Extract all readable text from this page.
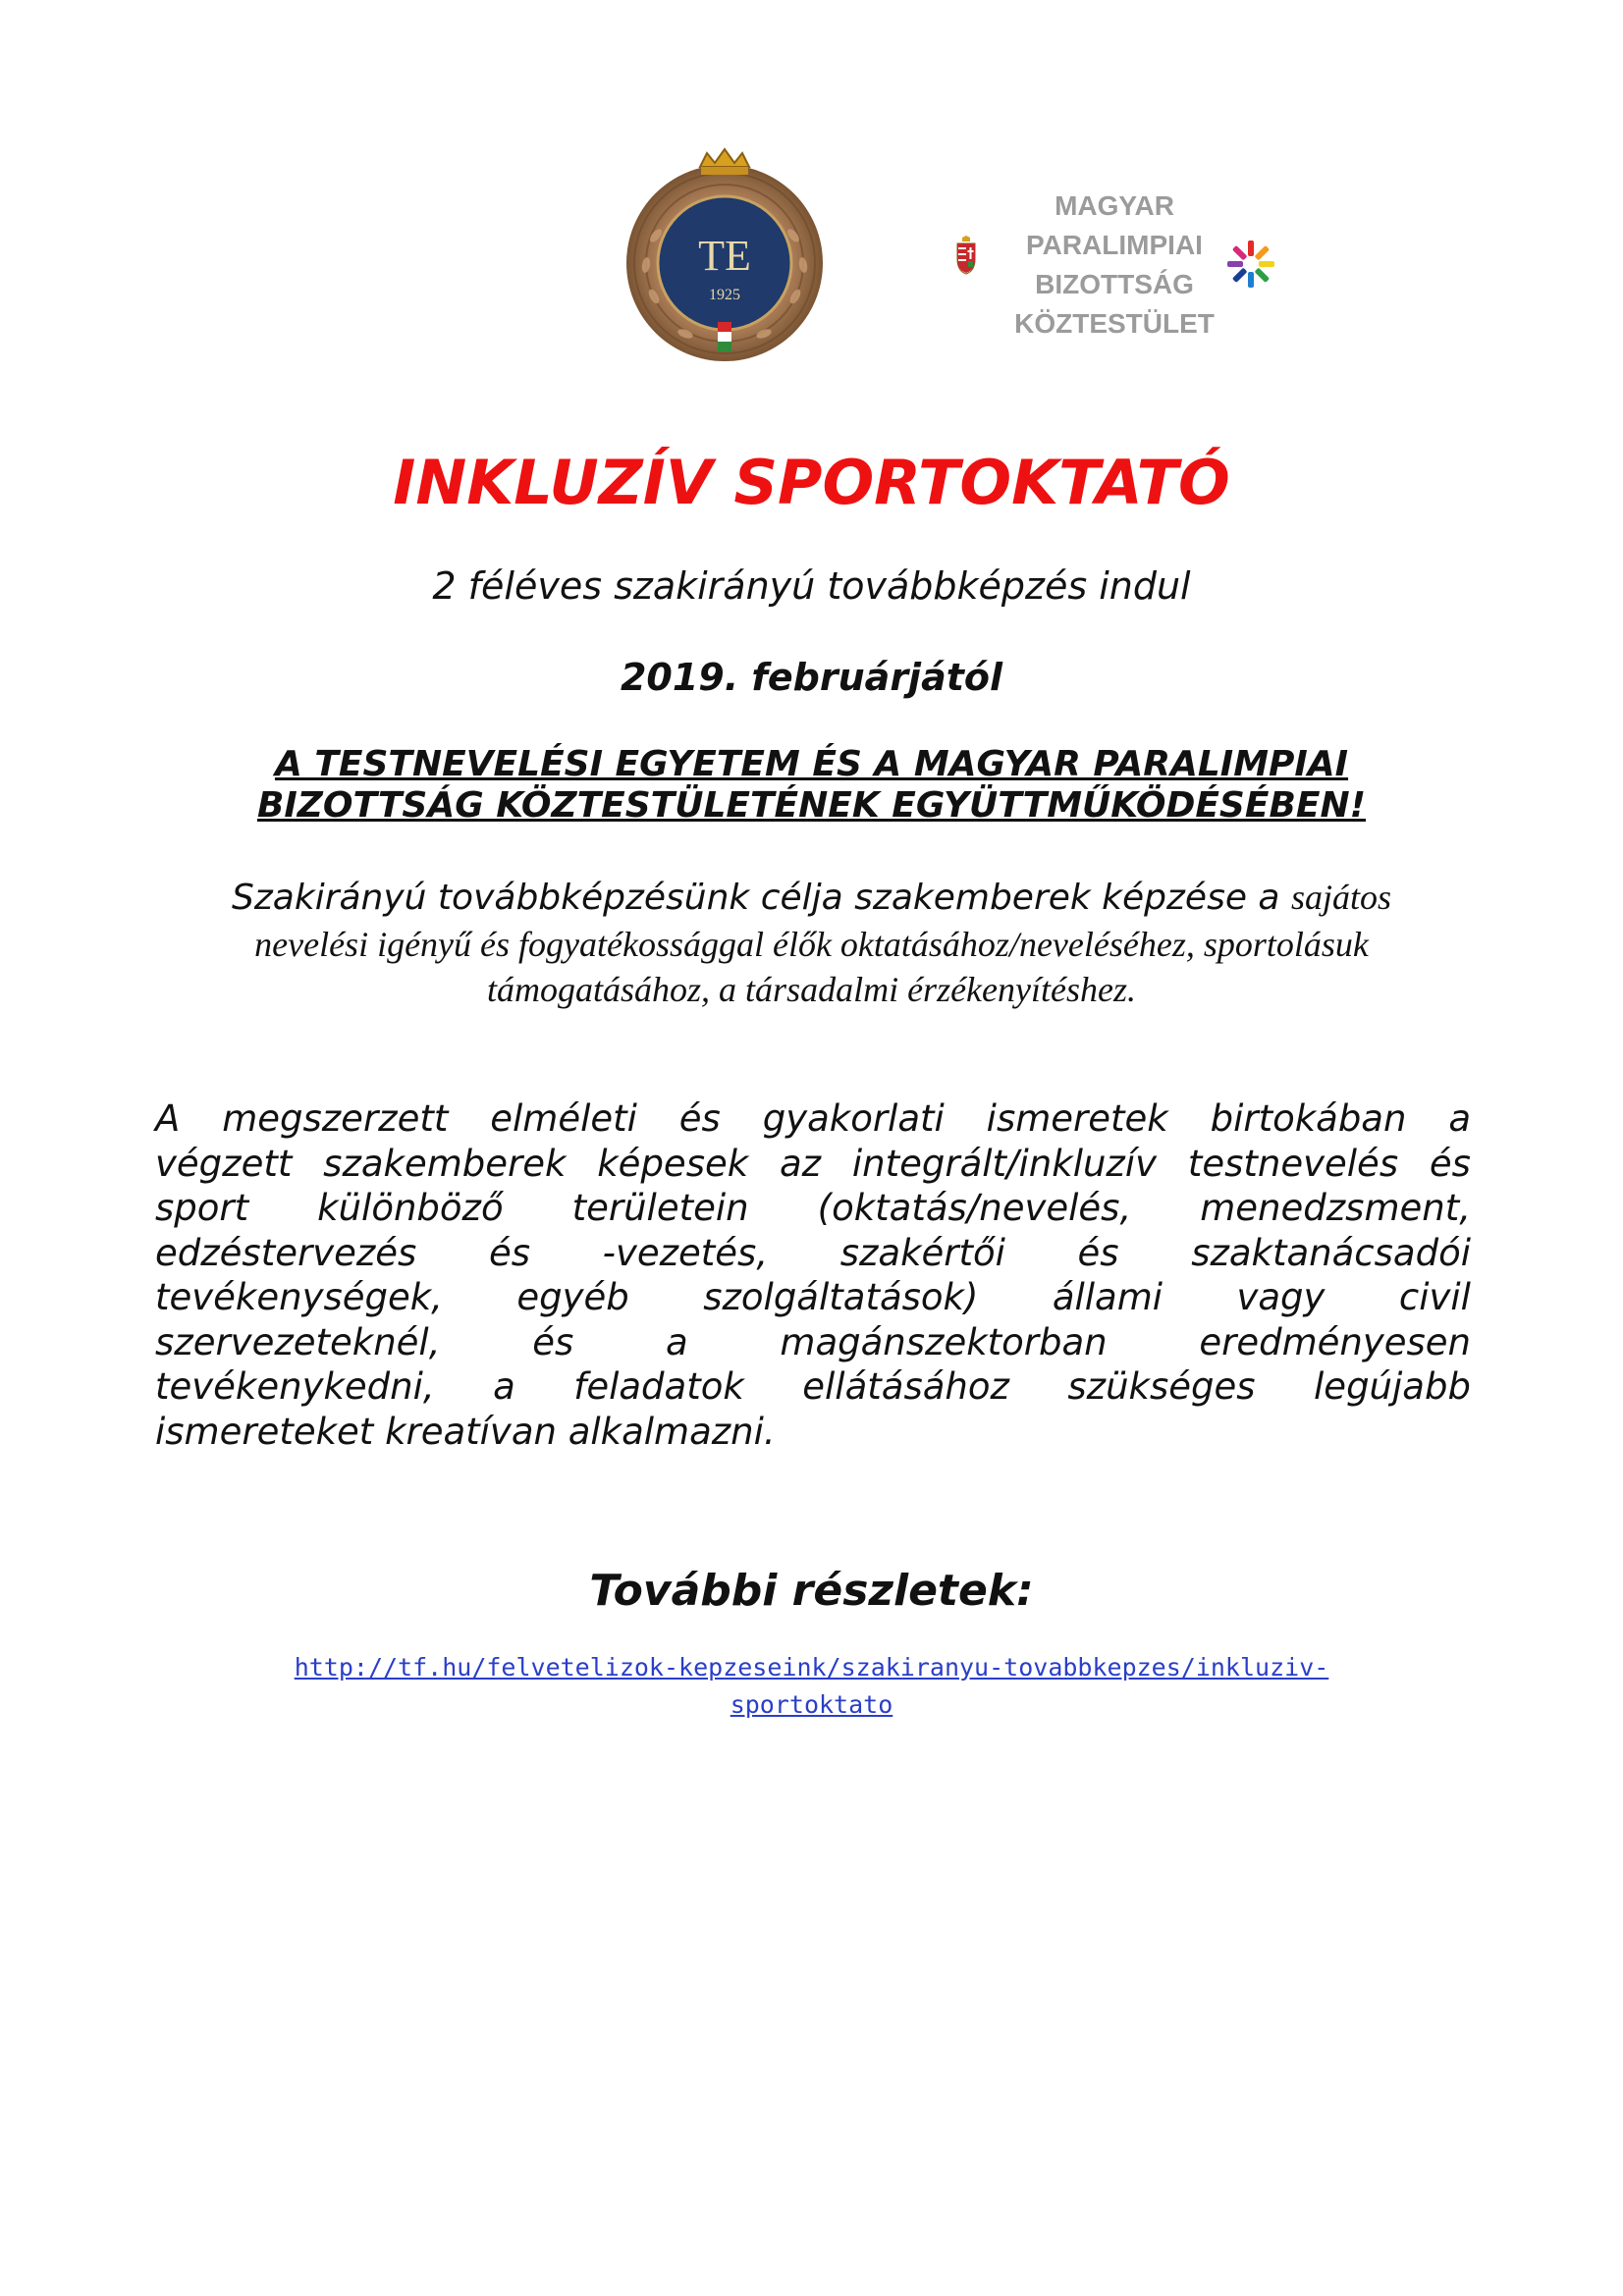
TE
1925
MAGYAR
PARALIMPIAI
BIZOTTSÁG
KÖZTESTÜLET
INKLUZÍV SPORTOKTATÓ
2 féléves szakirányú továbbképzés indul
2019. februárjától
A TESTNEVELÉSI EGYETEM ÉS A MAGYAR PARALIMPIAI
BIZOTTSÁG KÖZTESTÜLETÉNEK EGYÜTTMŰKÖDÉSÉBEN!
Szakirányú továbbképzésünk célja szakemberek képzése a sajátos
nevelési igényű és fogyatékossággal élők oktatásához/neveléséhez, sportolásuk
támogatásához, a társadalmi érzékenyítéshez.
A megszerzett elméleti és gyakorlati ismeretek birtokában a
végzett szakemberek képesek az integrált/inkluzív testnevelés és
sport különböző területein (oktatás/nevelés, menedzsment,
edzéstervezés és -vezetés, szakértői és szaktanácsadói
tevékenységek, egyéb szolgáltatások) állami vagy civil
szervezeteknél,	és	a	magánszektorban	eredményesen
tevékenykedni, a feladatok ellátásához szükséges legújabb
ismereteket kreatívan alkalmazni.
További részletek:
http://tf.hu/felvetelizok-kepzeseink/szakiranyu-tovabbkepzes/inkluziv-
sportoktato
